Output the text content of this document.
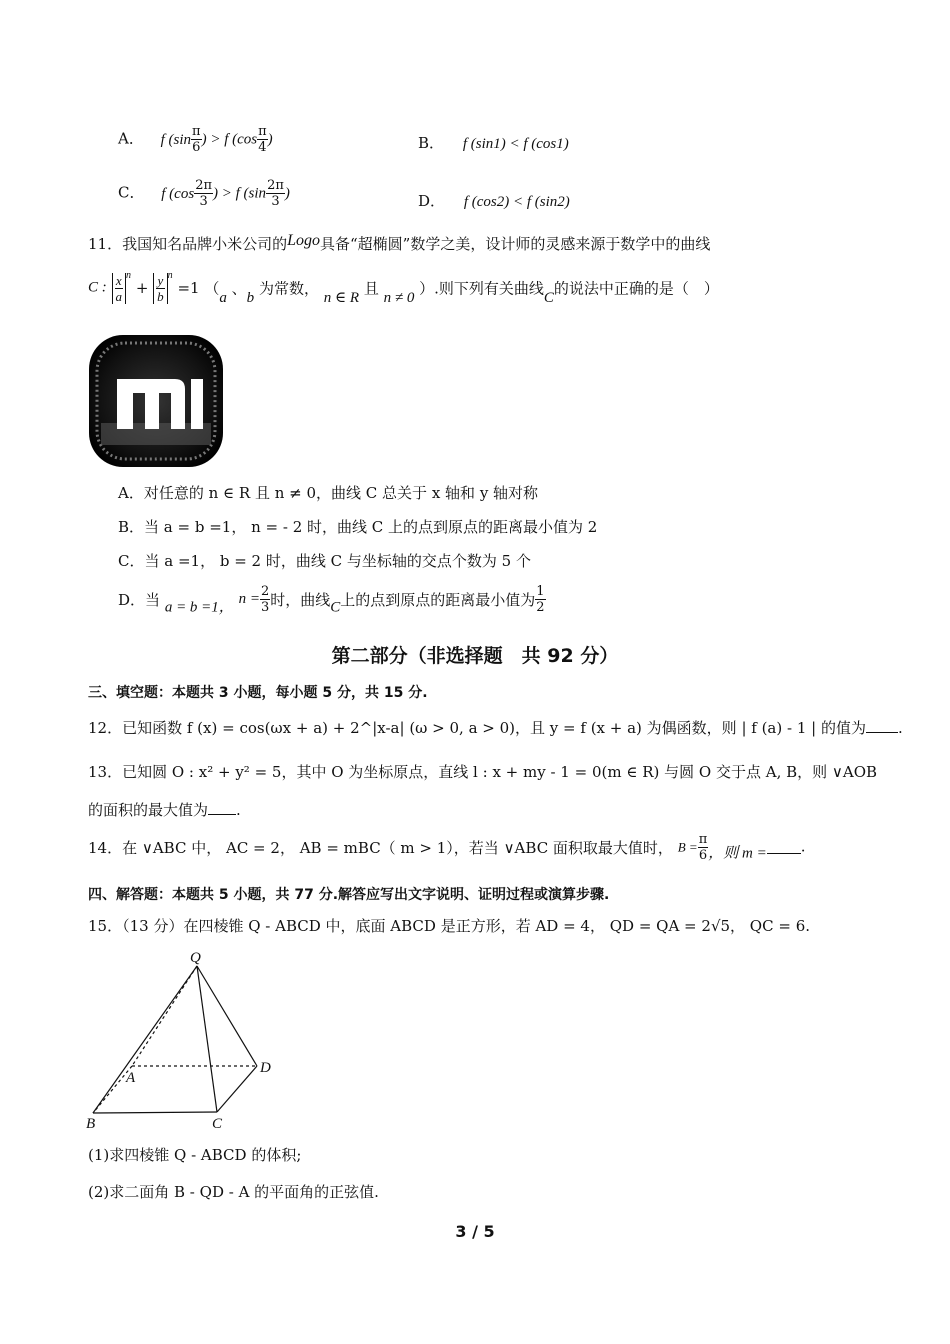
A． f ($\sin \frac{\pi}{6}$ ) > f ($\cos \frac{\pi}{4}$ )	B． f (sin1) < f (cos1)
C． f ($\cos \frac{2\pi}{3}$ ) > f ($\sin \frac{2\pi}{3}$ )	D． f (cos2) < f (sin2)
11．我国知名品牌小米公司的Logo具备“超椭圆”数学之美，设计师的灵感来源于数学中的曲线
C : $\frac{x}{a} ^n + \frac{y}{b} ^n =1$ （a 、b 为常数， n ∈ R 且 n ≠ 0 ）.则下列有关曲线C的说法中正确的是（　）
mi
A．对任意的 n ∈ R 且 n ≠ 0，曲线 C 总关于 x 轴和 y 轴对称
B．当 a = b =1， n = - 2 时，曲线 C 上的点到原点的距离最小值为 2
C．当 a =1， b = 2 时，曲线 C 与坐标轴的交点个数为 5 个
D．当 a = b =1， $n = \frac{2}{3}$ 时，曲线C上的点到原点的距离最小值为 $\frac{1}{2}$
第二部分（非选择题　共 92 分）
三、填空题：本题共 3 小题，每小题 5 分，共 15 分.
12．已知函数 f (x) = cos(ωx + a) + 2^|x-a| (ω > 0, a > 0)，且 y = f (x + a) 为偶函数，则 | f (a) - 1 | 的值为 .
13．已知圆 O : x² + y² = 5，其中 O 为坐标原点，直线 l : x + my - 1 = 0(m ∈ R) 与圆 O 交于点 A, B，则 ∨AOB
的面积的最大值为 .
14．在 ∨ABC 中， AC = 2， AB = mBC（ m > 1），若当 ∨ABC 面积取最大值时， $B = \frac{\pi}{6}$ ，则 m = .
四、解答题：本题共 5 小题，共 77 分.解答应写出文字说明、证明过程或演算步骤.
15．（13 分）在四棱锥 Q - ABCD 中，底面 ABCD 是正方形，若 AD = 4， QD = QA = 2√5， QC = 6.
Q
A
B	C
D
(1)求四棱锥 Q - ABCD 的体积;
(2)求二面角 B - QD - A 的平面角的正弦值.
3 / 5
